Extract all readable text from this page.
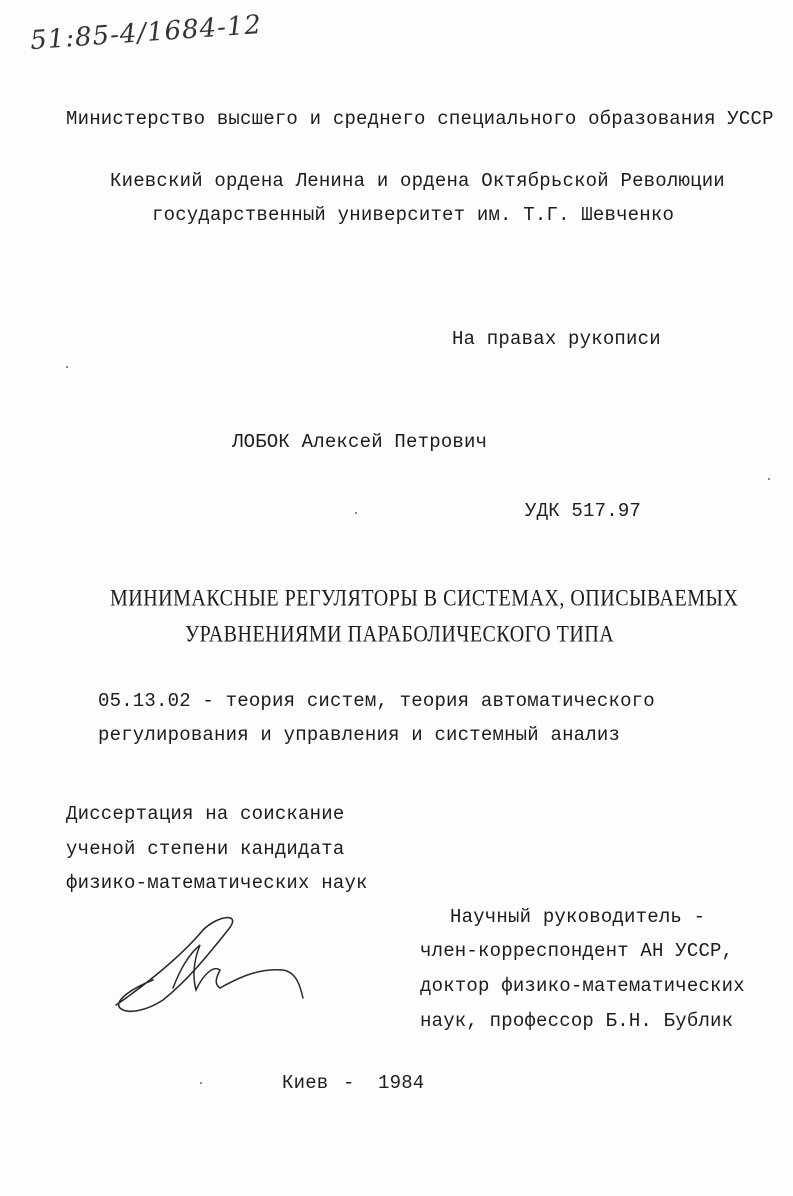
51:85-4/1684-12
Министерство высшего и среднего специального образования УССР
Киевский ордена Ленина и ордена Октябрьской Революции
государственный университет им. Т.Г. Шевченко
На правах рукописи
ЛОБОК Алексей Петрович
УДК 517.97
МИНИМАКСНЫЕ РЕГУЛЯТОРЫ В СИСТЕМАХ, ОПИСЫВАЕМЫХ
УРАВНЕНИЯМИ ПАРАБОЛИЧЕСКОГО ТИПА
05.13.02 - теория систем, теория автоматического
регулирования и управления и системный анализ
Диссертация на соискание
ученой степени кандидата
физико-математических наук
Научный руководитель -
член-корреспондент АН УССР,
доктор физико-математических
наук, профессор Б.Н. Бублик
Киев - 1984
